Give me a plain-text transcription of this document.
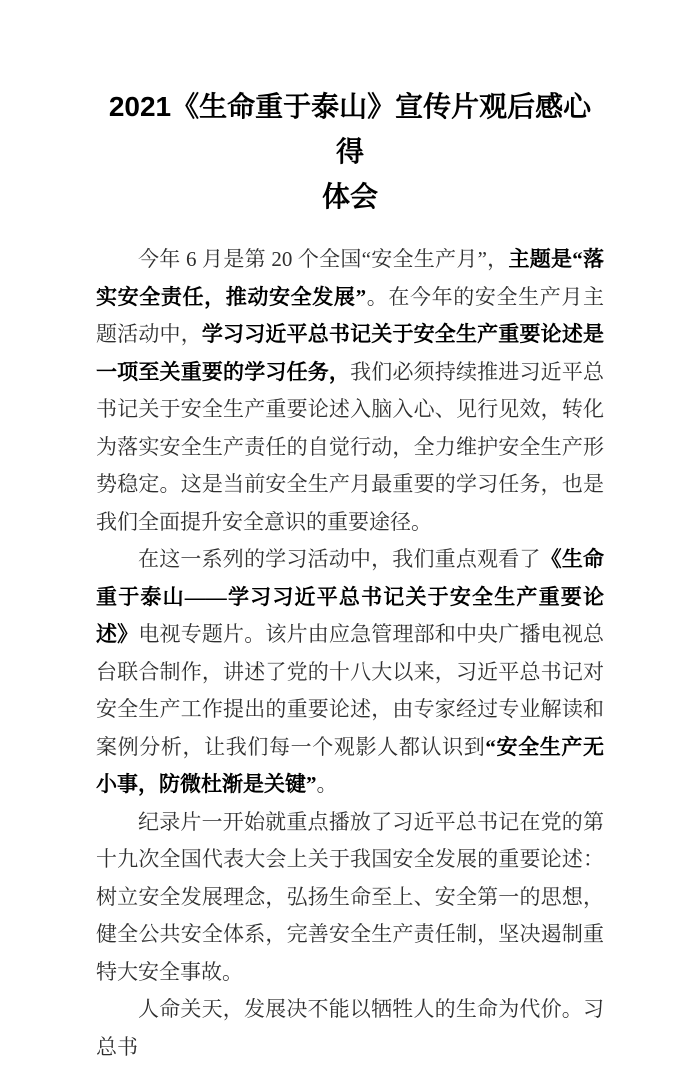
2021《生命重于泰山》宣传片观后感心得
体会

今年 6 月是第 20 个全国“安全生产月”，主题是“落实安全责任，推动安全发展”。在今年的安全生产月主题活动中，学习习近平总书记关于安全生产重要论述是一项至关重要的学习任务，我们必须持续推进习近平总书记关于安全生产重要论述入脑入心、见行见效，转化为落实安全生产责任的自觉行动，全力维护安全生产形势稳定。这是当前安全生产月最重要的学习任务，也是我们全面提升安全意识的重要途径。

在这一系列的学习活动中，我们重点观看了《生命重于泰山——学习习近平总书记关于安全生产重要论述》电视专题片。该片由应急管理部和中央广播电视总台联合制作，讲述了党的十八大以来，习近平总书记对安全生产工作提出的重要论述，由专家经过专业解读和案例分析，让我们每一个观影人都认识到“安全生产无小事，防微杜渐是关键”。

纪录片一开始就重点播放了习近平总书记在党的第十九次全国代表大会上关于我国安全发展的重要论述：树立安全发展理念，弘扬生命至上、安全第一的思想，健全公共安全体系，完善安全生产责任制，坚决遏制重特大安全事故。

人命关天，发展决不能以牺牲人的生命为代价。习总书
